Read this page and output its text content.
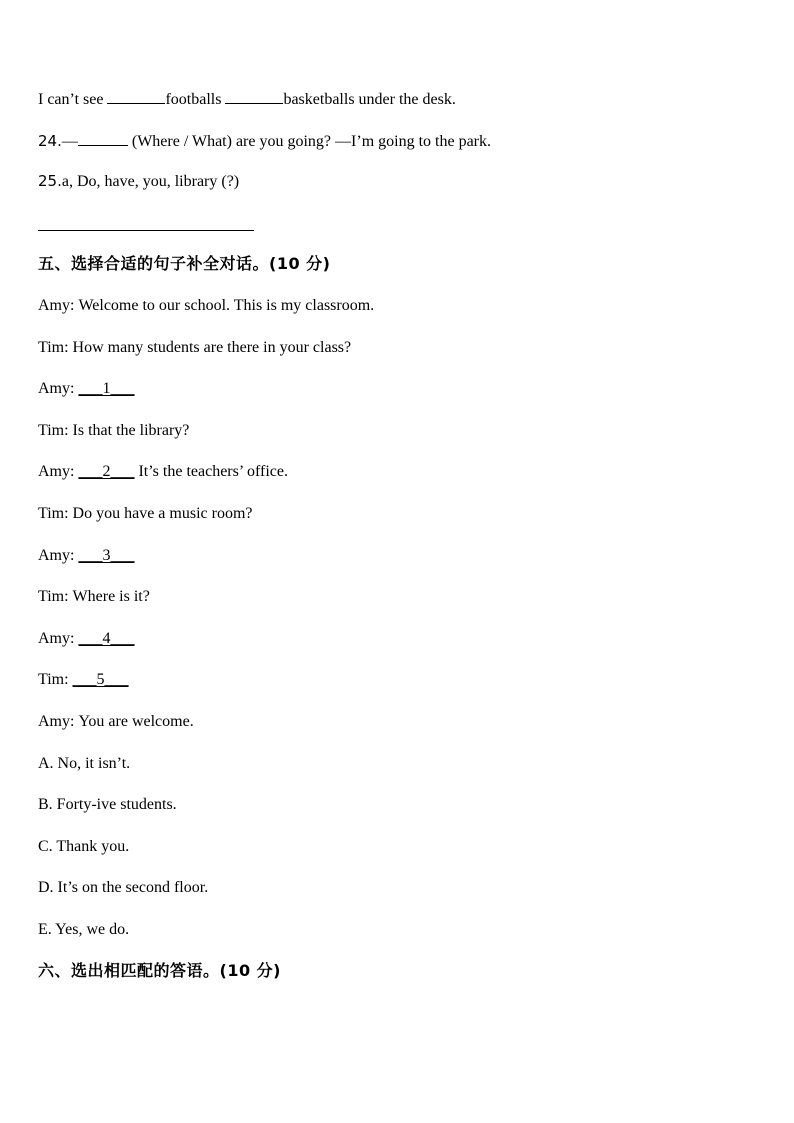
I can’t see	footballs	basketballs under the desk.
24.—	(Where / What) are you going? —I’m going to the park.
25.a, Do, have, you, library (?)
五、选择合适的句子补全对话。(10 分)
Amy: Welcome to our school. This is my classroom.
Tim: How many students are there in your class?
Amy: ___1___
Tim: Is that the library?
Amy: ___2___ It’s the teachers’ office.
Tim: Do you have a music room?
Amy: ___3___
Tim: Where is it?
Amy: ___4___
Tim: ___5___
Amy: You are welcome.
A. No, it isn’t.
B. Forty-ive students.
C. Thank you.
D. It’s on the second floor.
E. Yes, we do.
六、选出相匹配的答语。(10 分)
